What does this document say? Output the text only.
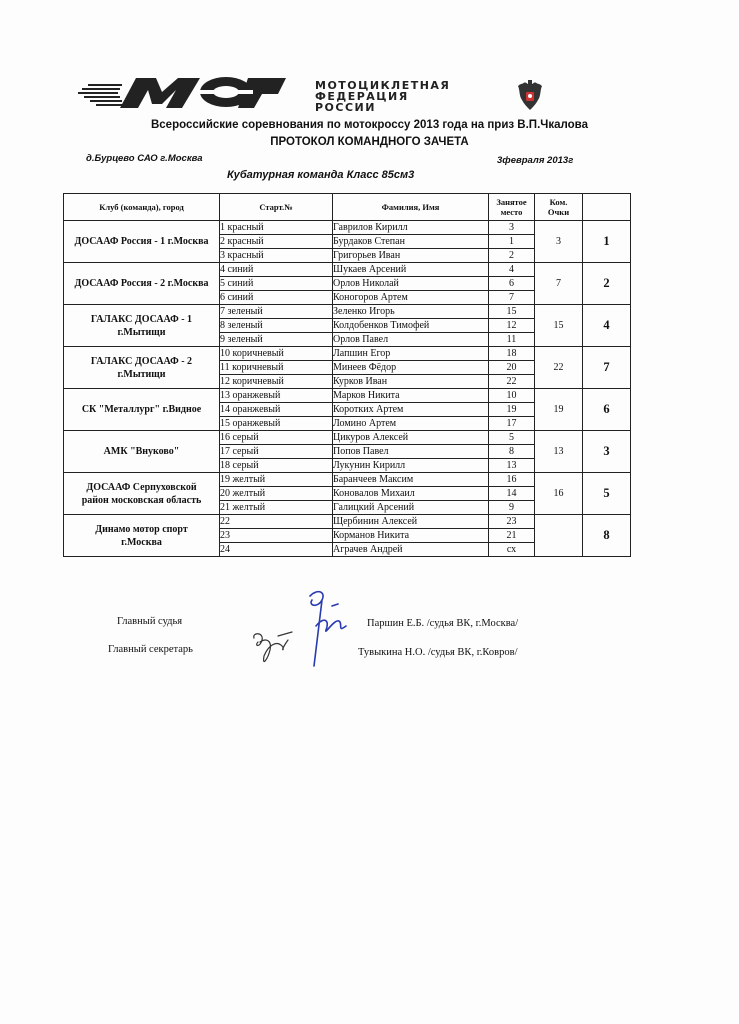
МОТОЦИКЛЕТНАЯ
ФЕДЕРАЦИЯ
РОССИИ
Всероссийские соревнования по мотокроссу 2013 года на приз В.П.Чкалова
ПРОТОКОЛ КОМАНДНОГО ЗАЧЕТА
д.Бурцево САО г.Москва	3февраля 2013г
Кубатурная команда Класс 85см3
Клуб (команда), город	Старт.№	Фамилия, Имя	Занятое
место	Ком.
Очки	
ДОСААФ Россия - 1 г.Москва	1 красный	Гаврилов Кирилл	3	3	1
	2 красный	Бурдаков Степан	1		
	3 красный	Григорьев Иван	2		
ДОСААФ Россия - 2 г.Москва	4 синий	Шукаев Арсений	4	7	2
	5 синий	Орлов Николай	6		
	6 синий	Коногоров Артем	7		
ГАЛАКС ДОСААФ - 1
г.Мытищи	7 зеленый	Зеленко Игорь	15	15	4
	8 зеленый	Колдобенков Тимофей	12		
	9 зеленый	Орлов Павел	11		
ГАЛАКС ДОСААФ - 2
г.Мытищи	10 коричневый	Лапшин Егор	18	22	7
	11 коричневый	Минеев Фёдор	20		
	12 коричневый	Курков Иван	22		
СК "Металлург" г.Видное	13 оранжевый	Марков Никита	10	19	6
	14 оранжевый	Коротких Артем	19		
	15 оранжевый	Ломино Артем	17		
АМК "Внуково"	16 серый	Цикуров Алексей	5	13	3
	17 серый	Попов Павел	8		
	18 серый	Лукунин Кирилл	13		
ДОСААФ Серпуховской
район московская область	19 желтый	Баранчеев Максим	16	16	5
	20 желтый	Коновалов Михаил	14		
	21 желтый	Галицкий Арсений	9		
Динамо мотор спорт
г.Москва	22	Щербинин Алексей	23		8
	23	Корманов Никита	21		
	24	Аграчев Андрей	сх		
Главный судья	Паршин Е.Б. /судья ВК, г.Москва/
Главный секретарь	Тувыкина Н.О. /судья ВК, г.Ковров/
